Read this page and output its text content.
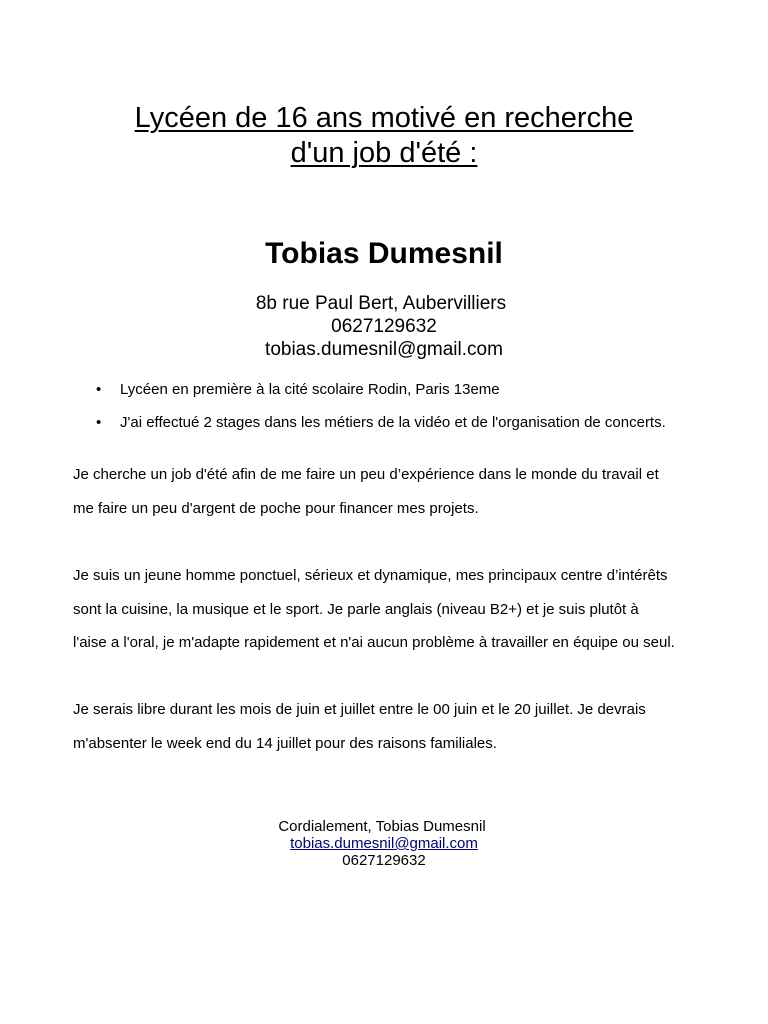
Lycéen de 16 ans motivé en recherche
d'un job d'été :
Tobias Dumesnil
8b rue Paul Bert, Aubervilliers
0627129632
tobias.dumesnil@gmail.com
• Lycéen en première à la cité scolaire Rodin, Paris 13eme
• J'ai effectué 2 stages dans les métiers de la vidéo et de l'organisation de concerts.

Je cherche un job d'été afin de me faire un peu d’expérience dans le monde du travail et
me faire un peu d'argent de poche pour financer mes projets.

Je suis un jeune homme ponctuel, sérieux et dynamique, mes principaux centre d’intérêts
sont la cuisine, la musique et le sport. Je parle anglais (niveau B2+) et je suis plutôt à
l'aise a l'oral, je m'adapte rapidement et n'ai aucun problème à travailler en équipe ou seul.

Je serais libre durant les mois de juin et juillet entre le 00 juin et le 20 juillet. Je devrais
m'absenter le week end du 14 juillet pour des raisons familiales.

Cordialement, Tobias Dumesnil
tobias.dumesnil@gmail.com
0627129632
